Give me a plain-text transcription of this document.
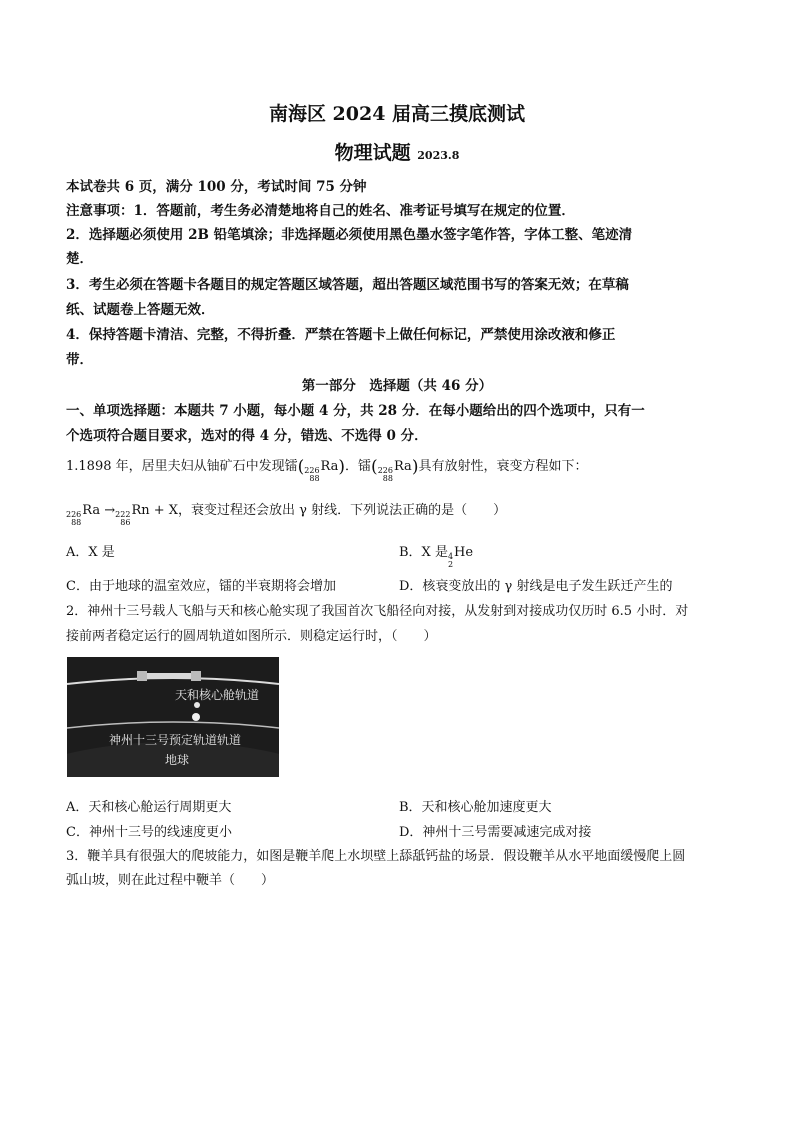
南海区 2024 届高三摸底测试
物理试题 2023.8
本试卷共 6 页，满分 100 分，考试时间 75 分钟
注意事项：1．答题前，考生务必清楚地将自己的姓名、准考证号填写在规定的位置．
2．选择题必须使用 2B 铅笔填涂；非选择题必须使用黑色墨水签字笔作答，字体工整、笔迹清
楚．
3．考生必须在答题卡各题目的规定答题区域答题，超出答题区域范围书写的答案无效；在草稿
纸、试题卷上答题无效．
4．保持答题卡清洁、完整，不得折叠．严禁在答题卡上做任何标记，严禁使用涂改液和修正
带．
第一部分　选择题（共 46 分）
一、单项选择题：本题共 7 小题，每小题 4 分，共 28 分．在每小题给出的四个选项中，只有一
个选项符合题目要求，选对的得 4 分，错选、不选得 0 分．
1.1898 年，居里夫妇从铀矿石中发现镭( 226
88
Ra)．镭( 226
88
Ra)具有放射性，衰变方程如下：
226
88
Ra → 222
86
Rn + X，衰变过程还会放出 γ 射线．下列说法正确的是（　　）
A．X 是	B．X 是 4
2
He
C．由于地球的温室效应，镭的半衰期将会增加	D．核衰变放出的 γ 射线是电子发生跃迁产生的
2．神州十三号载人飞船与天和核心舱实现了我国首次飞船径向对接，从发射到对接成功仅历时 6.5 小时．对
接前两者稳定运行的圆周轨道如图所示．则稳定运行时，（　　）
天和核心舱轨道
神州十三号预定轨道轨道
地球
A．天和核心舱运行周期更大	B．天和核心舱加速度更大
C．神州十三号的线速度更小	D．神州十三号需要减速完成对接
3．鞭羊具有很强大的爬坡能力，如图是鞭羊爬上水坝壁上舔舐钙盐的场景．假设鞭羊从水平地面缓慢爬上圆
弧山坡，则在此过程中鞭羊（　　）
